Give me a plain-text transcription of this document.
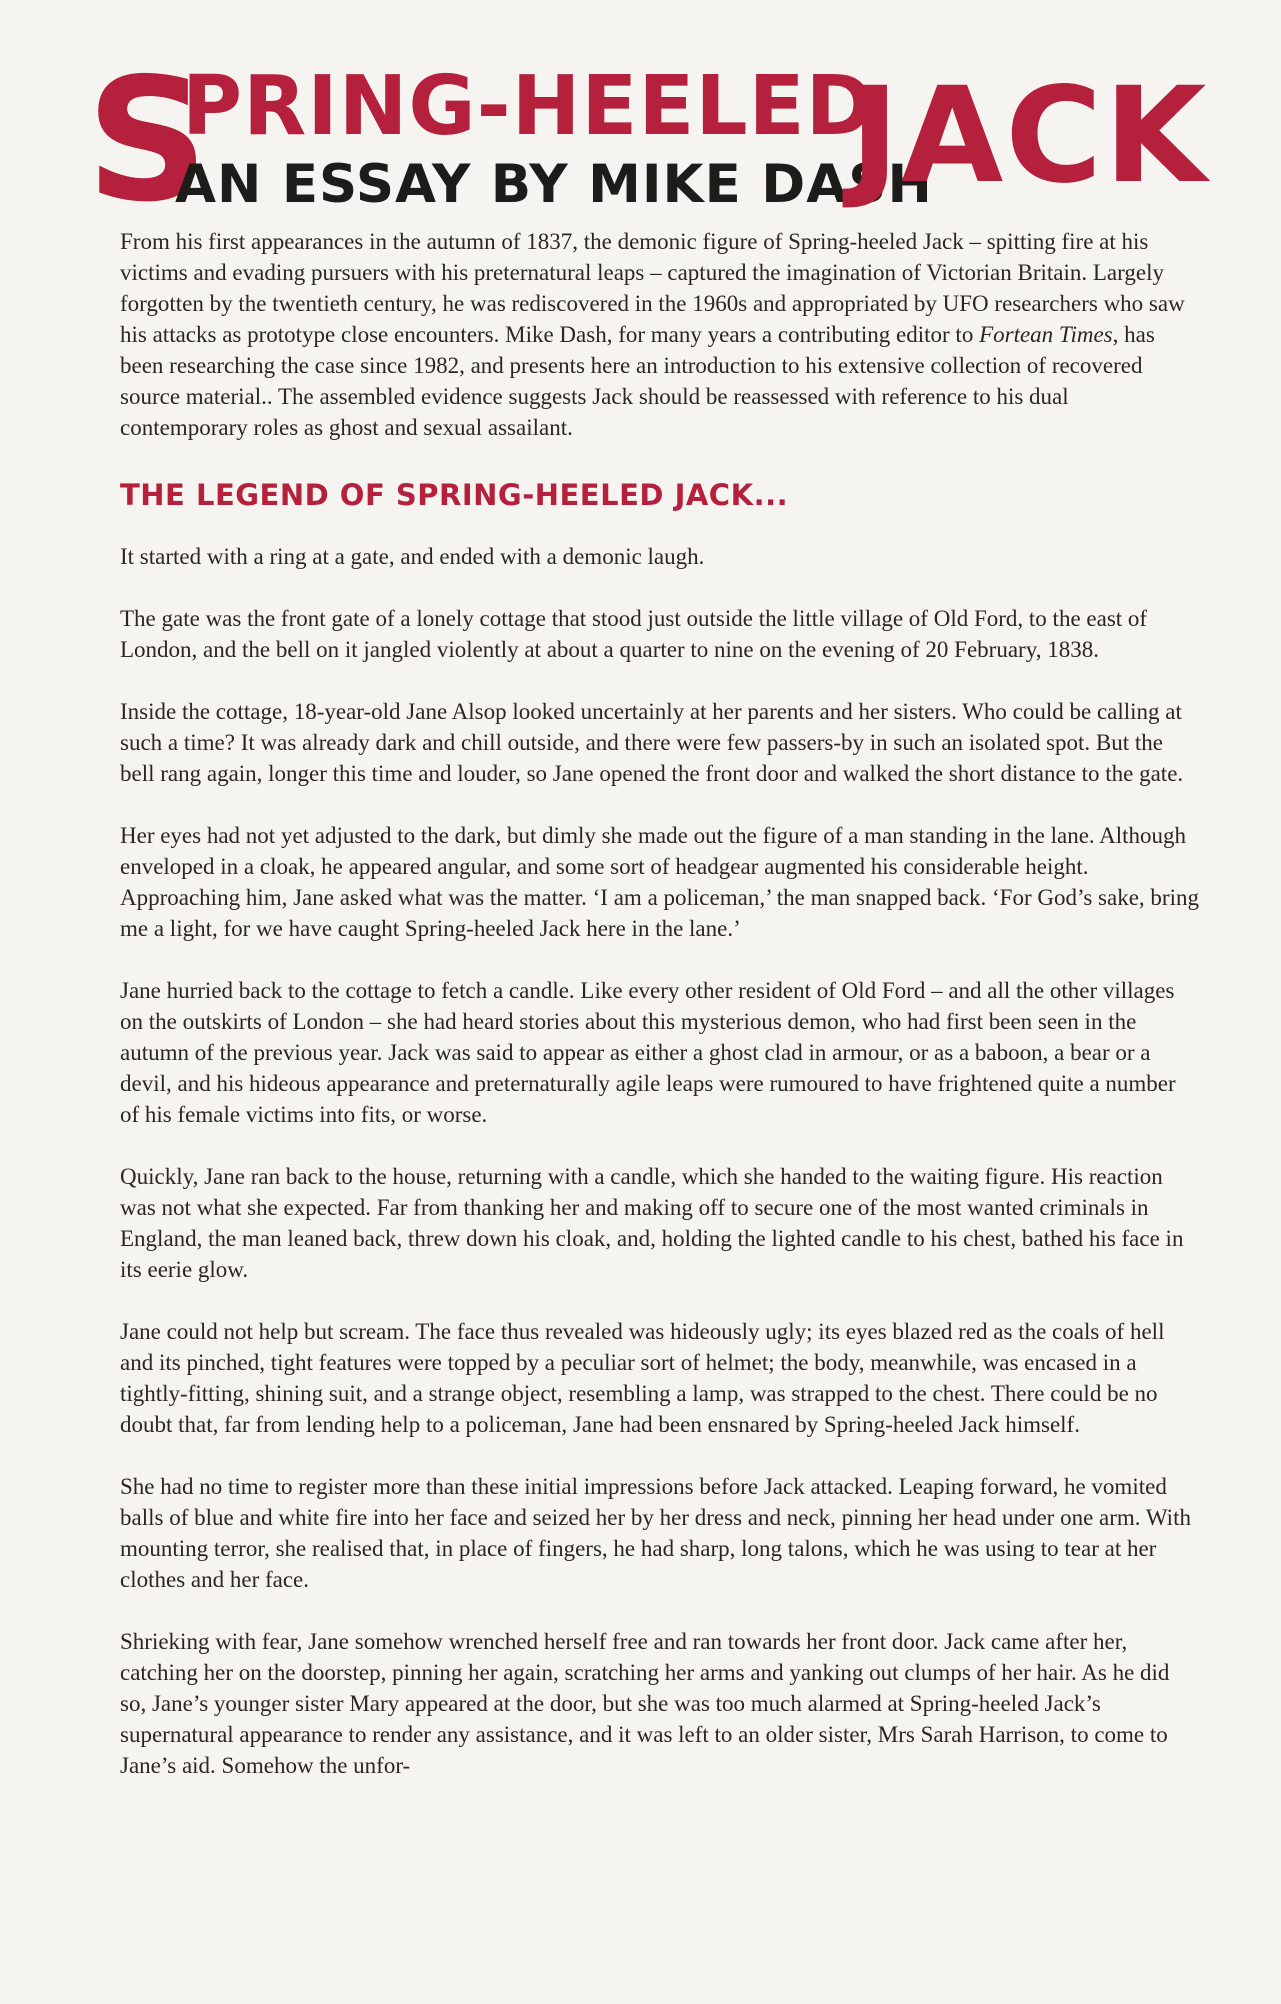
S
PRING-HEELED
AN ESSAY BY MIKE DASH
JACK

From his first appearances in the autumn of 1837, the demonic figure of Spring-heeled Jack – spitting fire at his victims and evading pursuers with his preternatural leaps – captured the imagination of Victorian Britain. Largely forgotten by the twentieth century, he was rediscovered in the 1960s and appropriated by UFO researchers who saw his attacks as prototype close encounters. Mike Dash, for many years a contributing editor to Fortean Times, has been researching the case since 1982, and presents here an introduction to his extensive collection of recovered source material.. The assembled evidence suggests Jack should be reassessed with reference to his dual contemporary roles as ghost and sexual assailant.

THE LEGEND OF SPRING-HEELED JACK...

It started with a ring at a gate, and ended with a demonic laugh.

The gate was the front gate of a lonely cottage that stood just outside the little village of Old Ford, to the east of London, and the bell on it jangled violently at about a quarter to nine on the evening of 20 February, 1838.

Inside the cottage, 18-year-old Jane Alsop looked uncertainly at her parents and her sisters. Who could be calling at such a time? It was already dark and chill outside, and there were few passers-by in such an isolated spot. But the bell rang again, longer this time and louder, so Jane opened the front door and walked the short distance to the gate.

Her eyes had not yet adjusted to the dark, but dimly she made out the figure of a man standing in the lane. Although enveloped in a cloak, he appeared angular, and some sort of headgear augmented his considerable height. Approaching him, Jane asked what was the matter. ‘I am a policeman,’ the man snapped back. ‘For God’s sake, bring me a light, for we have caught Spring-heeled Jack here in the lane.’

Jane hurried back to the cottage to fetch a candle. Like every other resident of Old Ford – and all the other villages on the outskirts of London – she had heard stories about this mysterious demon, who had first been seen in the autumn of the previous year. Jack was said to appear as either a ghost clad in armour, or as a baboon, a bear or a devil, and his hideous appearance and preternaturally agile leaps were rumoured to have frightened quite a number of his female victims into fits, or worse.

Quickly, Jane ran back to the house, returning with a candle, which she handed to the waiting figure. His reaction was not what she expected. Far from thanking her and making off to secure one of the most wanted criminals in England, the man leaned back, threw down his cloak, and, holding the lighted candle to his chest, bathed his face in its eerie glow.

Jane could not help but scream. The face thus revealed was hideously ugly; its eyes blazed red as the coals of hell and its pinched, tight features were topped by a peculiar sort of helmet; the body, meanwhile, was encased in a tightly-fitting, shining suit, and a strange object, resembling a lamp, was strapped to the chest. There could be no doubt that, far from lending help to a policeman, Jane had been ensnared by Spring-heeled Jack himself.

She had no time to register more than these initial impressions before Jack attacked. Leaping forward, he vomited balls of blue and white fire into her face and seized her by her dress and neck, pinning her head under one arm. With mounting terror, she realised that, in place of fingers, he had sharp, long talons, which he was using to tear at her clothes and her face.

Shrieking with fear, Jane somehow wrenched herself free and ran towards her front door. Jack came after her, catching her on the doorstep, pinning her again, scratching her arms and yanking out clumps of her hair. As he did so, Jane’s younger sister Mary appeared at the door, but she was too much alarmed at Spring-heeled Jack’s supernatural appearance to render any assistance, and it was left to an older sister, Mrs Sarah Harrison, to come to Jane’s aid. Somehow the unfor-
